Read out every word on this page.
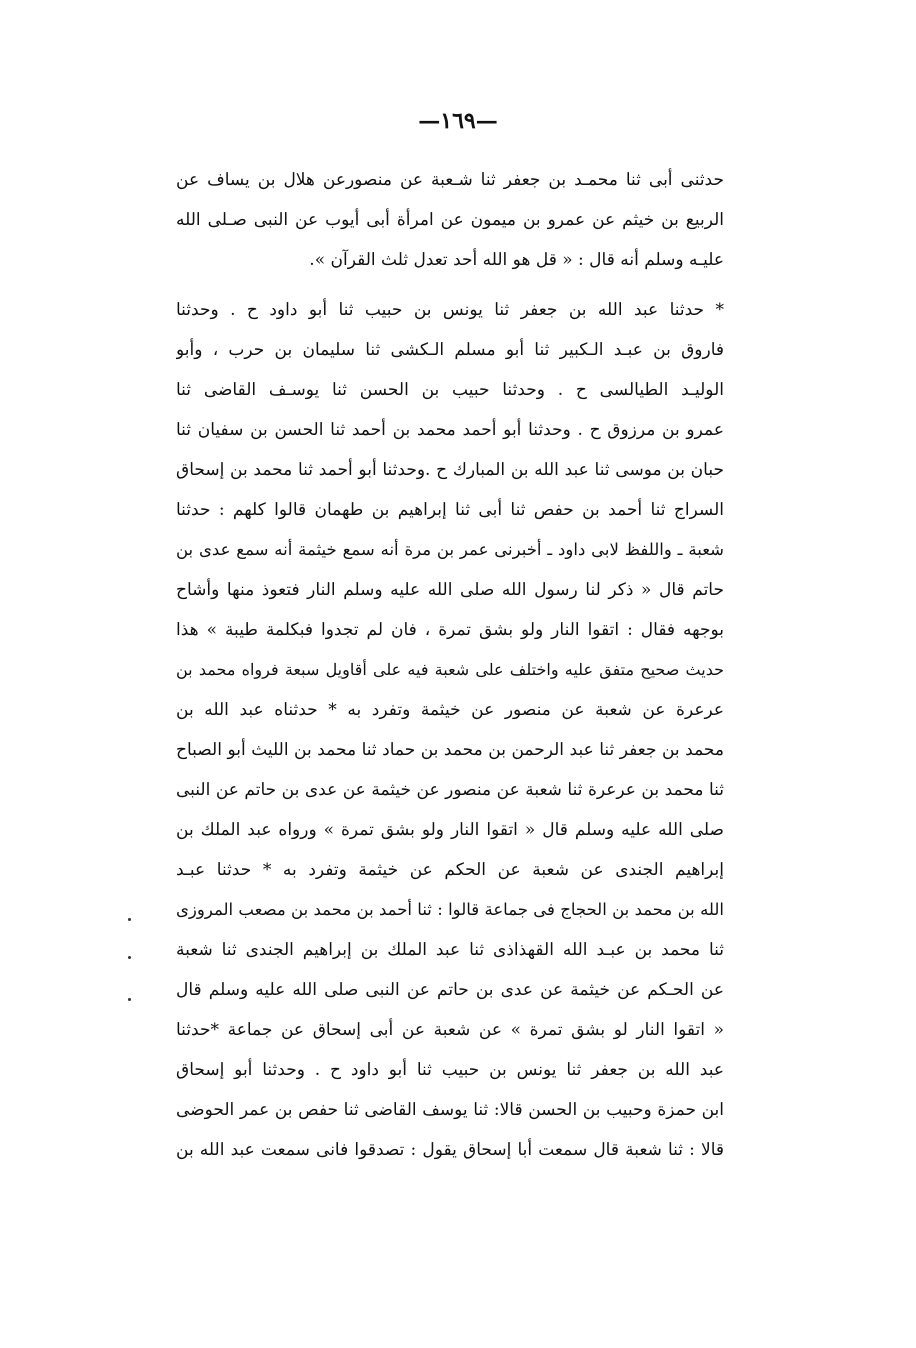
—١٦٩—
حدثنى أبى ثنا محمـد بن جعفر ثنا شـعبة عن منصورعن هلال بن يساف عن
الربيع بن خيثم عن عمرو بن ميمون عن امرأة أبى أيوب عن النبى صـلى الله
عليـه وسلم أنه قال : « قل هو الله أحد تعدل ثلث القرآن ».
* حدثنا عبد الله بن جعفر ثنا يونس بن حبيب ثنا أبو داود ح . وحدثنا
فاروق بن عبـد الـكبير ثنا أبو مسلم الـكشى ثنا سليمان بن حرب ، وأبو
الوليـد الطيالسى ح . وحدثنا حبيب بن الحسن ثنا يوسـف القاضى ثنا
عمرو بن مرزوق ح . وحدثنا أبو أحمد محمد بن أحمد ثنا الحسن بن سفيان ثنا
حبان بن موسى ثنا عبد الله بن المبارك ح .وحدثنا أبو أحمد ثنا محمد بن إسحاق
السراج ثنا أحمد بن حفص ثنا أبى ثنا إبراهيم بن طهمان قالوا كلهم : حدثنا
شعبة ـ واللفظ لابى داود ـ أخبرنى عمر بن مرة أنه سمع خيثمة أنه سمع عدى بن
حاتم قال « ذكر لنا رسول الله صلى الله عليه وسلم النار فتعوذ منها وأشاح
بوجهه فقال : اتقوا النار ولو بشق تمرة ، فان لم تجدوا فبكلمة طيبة » هذا
حديث صحيح متفق عليه واختلف على شعبة فيه على أقاويل سبعة فرواه محمد بن
عرعرة عن شعبة عن منصور عن خيثمة وتفرد به * حدثناه عبد الله بن
محمد بن جعفر ثنا عبد الرحمن بن محمد بن حماد ثنا محمد بن الليث أبو الصباح
ثنا محمد بن عرعرة ثنا شعبة عن منصور عن خيثمة عن عدى بن حاتم عن النبى
صلى الله عليه وسلم قال « اتقوا النار ولو بشق تمرة » ورواه عبد الملك بن
إبراهيم الجندى عن شعبة عن الحكم عن خيثمة وتفرد به * حدثنا عبـد
الله بن محمد بن الحجاج فى جماعة قالوا : ثنا أحمد بن محمد بن مصعب المروزى
ثنا محمد بن عبـد الله القهذاذى ثنا عبد الملك بن إبراهيم الجندى ثنا شعبة
عن الحـكم عن خيثمة عن عدى بن حاتم عن النبى صلى الله عليه وسلم قال
« اتقوا النار لو بشق تمرة » عن شعبة عن أبى إسحاق عن جماعة *حدثنا
عبد الله بن جعفر ثنا يونس بن حبيب ثنا أبو داود ح . وحدثنا أبو إسحاق
ابن حمزة وحبيب بن الحسن قالا: ثنا يوسف القاضى ثنا حفص بن عمر الحوضى
قالا : ثنا شعبة قال سمعت أبا إسحاق يقول : تصدقوا فانى سمعت عبد الله بن
